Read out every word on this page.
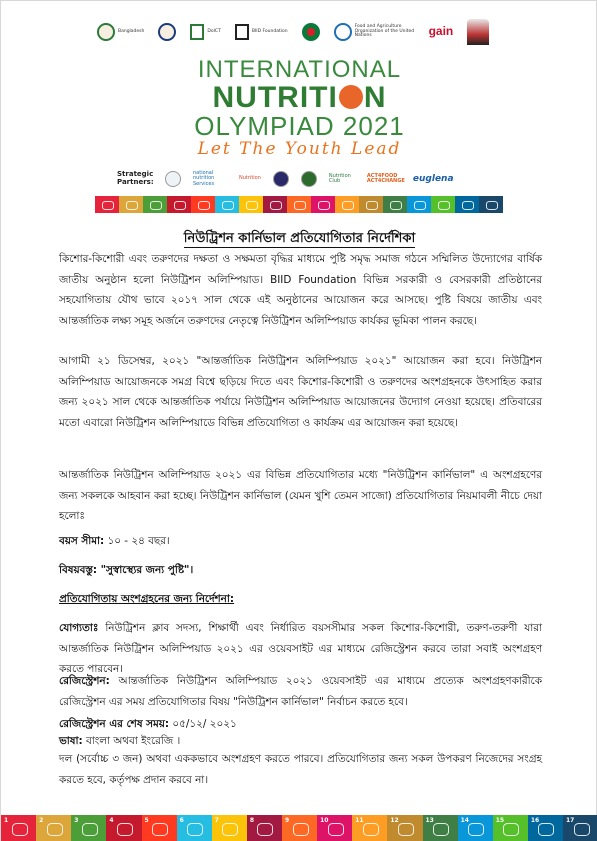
Bangladesh	DoICT	BIID Foundation
Food and Agriculture Organization of the United Nations	gain
INTERNATIONAL
NUTRITI N
OLYMPIAD 2021
Let The Youth Lead
Strategic Partners:
national nutrition Services
Nutrition	Nutrition Club
ACT4FOOD ACT4CHANGE euglena
নিউট্রিশন কার্নিভাল প্রতিযোগিতার নির্দেশিকা
কিশোর-কিশোরী এবং তরুণদের দক্ষতা ও সক্ষমতা বৃদ্ধির মাধ্যমে পুষ্টি সমৃদ্ধ সমাজ গঠনে সম্মিলিত উদ্যোগের বার্ষিক জাতীয় অনুষ্ঠান হলো নিউট্রিশন অলিম্পিয়াড। BIID Foundation বিভিন্ন সরকারী ও বেসরকারী প্রতিষ্ঠানের সহযোগিতায় যৌথ ভাবে ২০১৭ সাল থেকে এই অনুষ্ঠানের আয়োজন করে আসছে। পুষ্টি বিষয়ে জাতীয় এবং আন্তর্জাতিক লক্ষ্য সমূহ অর্জনে তরুণদের নেতৃত্বে নিউট্রিশন অলিম্পিয়াড কার্যকর ভূমিকা পালন করছে।
আগামী ২১ ডিসেম্বর, ২০২১ "আন্তর্জাতিক নিউট্রিশন অলিম্পিয়াড ২০২১" আয়োজন করা হবে। নিউট্রিশন অলিম্পিয়াড আয়োজনকে সমগ্র বিশ্বে ছড়িয়ে দিতে এবং কিশোর-কিশোরী ও তরুণদের অংশগ্রহনকে উৎসাহিত করার জন্য ২০২১ সাল থেকে আন্তর্জাতিক পর্যায়ে নিউট্রিশন অলিম্পিয়াড আয়োজনের উদ্যোগ নেওয়া হয়েছে। প্রতিবারের মতো এবারো নিউট্রিশন অলিম্পিয়াডে বিভিন্ন প্রতিযোগিতা ও কার্যক্রম এর আয়োজন করা হয়েছে।
আন্তর্জাতিক নিউট্রিশন অলিম্পিয়াড ২০২১ এর বিভিন্ন প্রতিযোগিতার মধ্যে "নিউট্রিশন কার্নিভাল" এ অংশগ্রহণের জন্য সকলকে আহবান করা হচ্ছে। নিউট্রিশন কার্নিভাল (যেমন খুশি তেমন সাজো) প্রতিযোগিতার নিয়মাবলী নীচে দেয়া হলোঃ
বয়স সীমা: ১০ - ২৪ বছর।
বিষয়বস্তু: "সুস্বাস্থ্যের জন্য পুষ্টি"।
প্রতিযোগিতায় অংশগ্রহনের জন্য নির্দেশনা:
যোগ্যতাঃ নিউট্রিশন ক্লাব সদস্য, শিক্ষার্থী এবং নির্ধারিত বয়সসীমার সকল কিশোর-কিশোরী, তরুণ-তরুণী যারা আন্তর্জাতিক নিউট্রিশন অলিম্পিয়াড ২০২১ এর ওয়েবসাইট এর মাধ্যমে রেজিস্ট্রেশন করবে তারা সবাই অংশগ্রহণ করতে পারবেন।
রেজিস্ট্রেশন: আন্তর্জাতিক নিউট্রিশন অলিম্পিয়াড ২০২১ ওয়েবসাইট এর মাধ্যমে প্রত্যেক অংশগ্রহণকারীকে রেজিস্ট্রেশন এর সময় প্রতিযোগিতার বিষয় "নিউট্রিশন কার্নিভাল" নির্বাচন করতে হবে।
রেজিস্ট্রেশন এর শেষ সময়: ০৫/১২/ ২০২১
ভাষা: বাংলা অথবা ইংরেজি ।
দল (সর্বোচ্চ ৩ জন) অথবা এককভাবে অংশগ্রহণ করতে পারবে। প্রতিযোগিতার জন্য সকল উপকরণ নিজেদের সংগ্রহ করতে হবে, কর্তৃপক্ষ প্রদান করবে না।
1
2
3
4
5
6
7
8
9
10
11
12
13
14
15
16
17
